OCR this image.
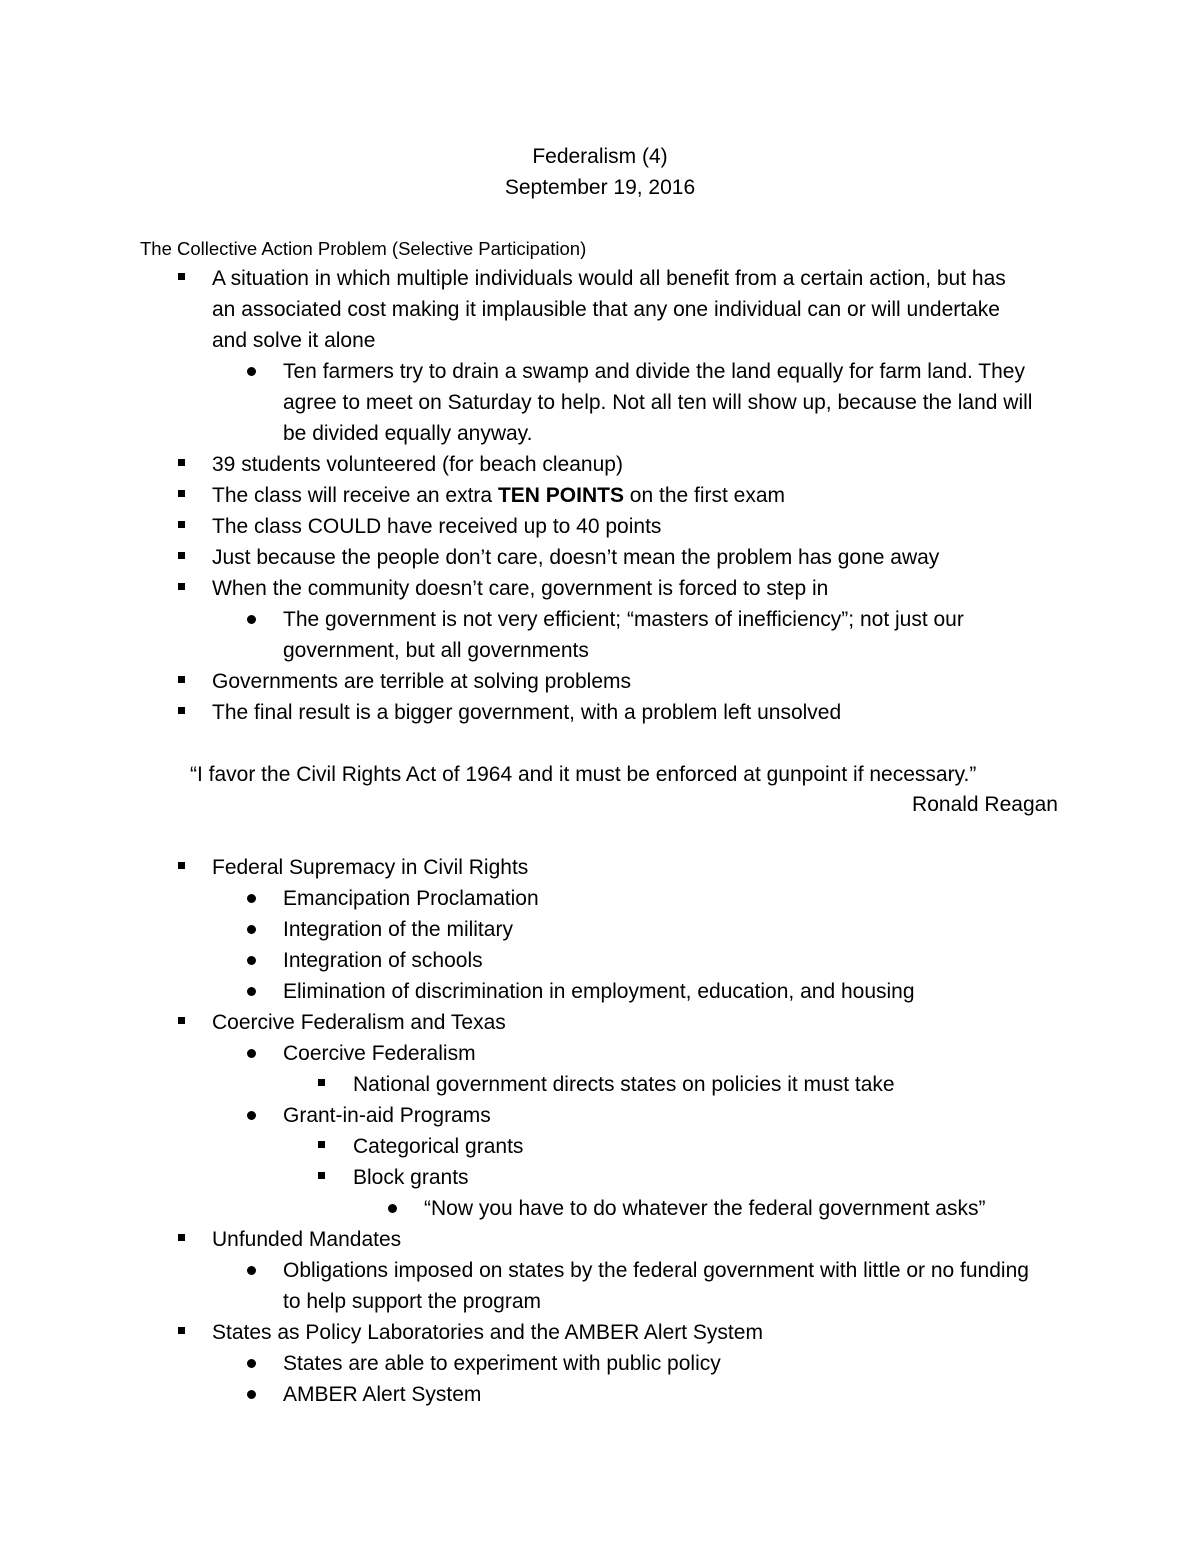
Federalism (4)
September 19, 2016
The Collective Action Problem (Selective Participation)
A situation in which multiple individuals would all benefit from a certain action, but has
an associated cost making it implausible that any one individual can or will undertake
and solve it alone
Ten farmers try to drain a swamp and divide the land equally for farm land. They
agree to meet on Saturday to help. Not all ten will show up, because the land will
be divided equally anyway.
39 students volunteered (for beach cleanup)
The class will receive an extra TEN POINTS on the first exam
The class COULD have received up to 40 points
Just because the people don’t care, doesn’t mean the problem has gone away
When the community doesn’t care, government is forced to step in
The government is not very efficient; “masters of inefficiency”; not just our
government, but all governments
Governments are terrible at solving problems
The final result is a bigger government, with a problem left unsolved
“I favor the Civil Rights Act of 1964 and it must be enforced at gunpoint if necessary.”
Ronald Reagan
Federal Supremacy in Civil Rights
Emancipation Proclamation
Integration of the military
Integration of schools
Elimination of discrimination in employment, education, and housing
Coercive Federalism and Texas
Coercive Federalism
National government directs states on policies it must take
Grant-in-aid Programs
Categorical grants
Block grants
“Now you have to do whatever the federal government asks”
Unfunded Mandates
Obligations imposed on states by the federal government with little or no funding
to help support the program
States as Policy Laboratories and the AMBER Alert System
States are able to experiment with public policy
AMBER Alert System
